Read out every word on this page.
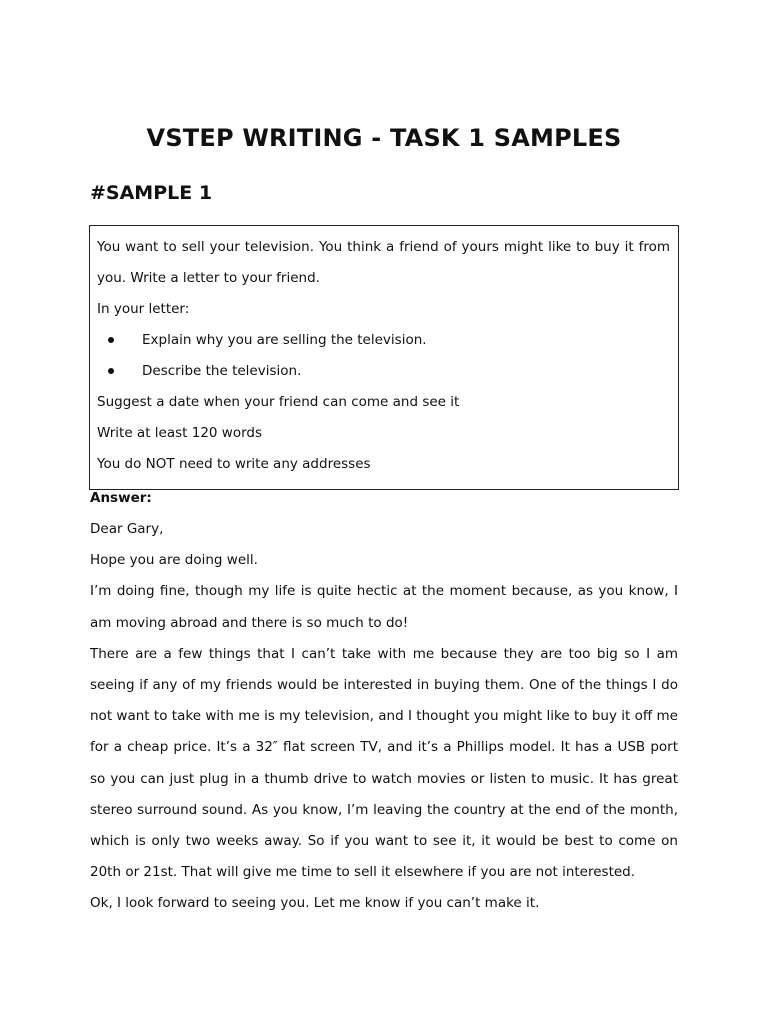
VSTEP WRITING - TASK 1 SAMPLES
#SAMPLE 1

You want to sell your television. You think a friend of yours might like to buy it from

you. Write a letter to your friend.

In your letter:

Explain why you are selling the television.
Describe the television.

Suggest a date when your friend can come and see it

Write at least 120 words

You do NOT need to write any addresses

Answer:

Dear Gary,

Hope you are doing well.

I’m doing fine, though my life is quite hectic at the moment because, as you know, I am moving abroad and there is so much to do!

There are a few things that I can’t take with me because they are too big so I am seeing if any of my friends would be interested in buying them. One of the things I do not want to take with me is my television, and I thought you might like to buy it off me for a cheap price. It’s a 32″ flat screen TV, and it’s a Phillips model. It has a USB port so you can just plug in a thumb drive to watch movies or listen to music. It has great stereo surround sound. As you know, I’m leaving the country at the end of the month, which is only two weeks away. So if you want to see it, it would be best to come on 20th or 21st. That will give me time to sell it elsewhere if you are not interested.

Ok, I look forward to seeing you. Let me know if you can’t make it.
